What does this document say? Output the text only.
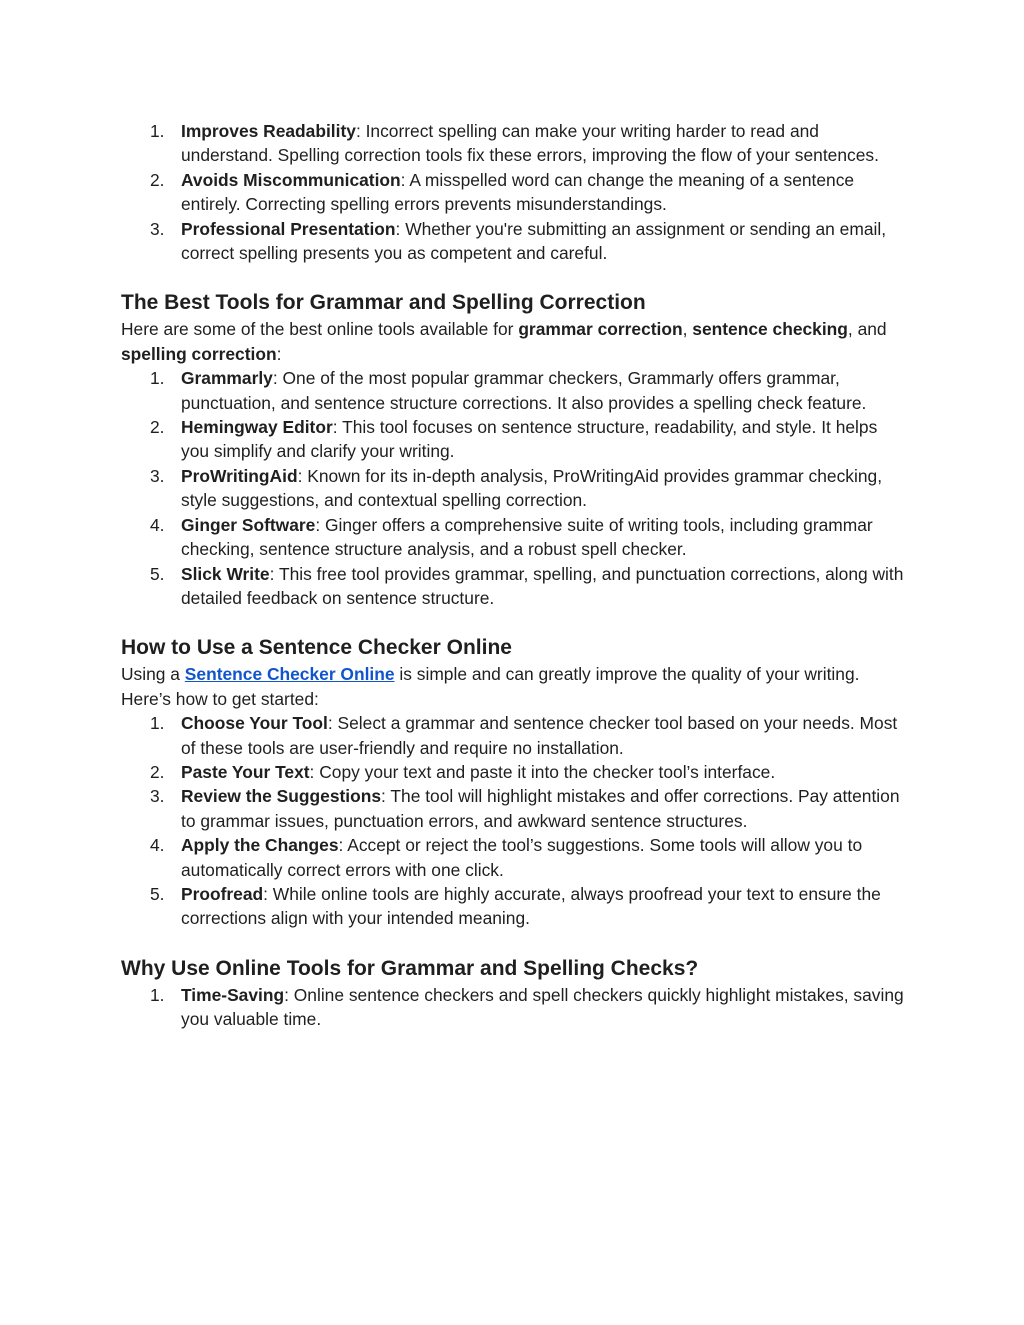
1. Improves Readability: Incorrect spelling can make your writing harder to read and understand. Spelling correction tools fix these errors, improving the flow of your sentences.
2. Avoids Miscommunication: A misspelled word can change the meaning of a sentence entirely. Correcting spelling errors prevents misunderstandings.
3. Professional Presentation: Whether you're submitting an assignment or sending an email, correct spelling presents you as competent and careful.
The Best Tools for Grammar and Spelling Correction

Here are some of the best online tools available for grammar correction, sentence checking, and spelling correction:

1. Grammarly: One of the most popular grammar checkers, Grammarly offers grammar, punctuation, and sentence structure corrections. It also provides a spelling check feature.
2. Hemingway Editor: This tool focuses on sentence structure, readability, and style. It helps you simplify and clarify your writing.
3. ProWritingAid: Known for its in-depth analysis, ProWritingAid provides grammar checking, style suggestions, and contextual spelling correction.
4. Ginger Software: Ginger offers a comprehensive suite of writing tools, including grammar checking, sentence structure analysis, and a robust spell checker.
5. Slick Write: This free tool provides grammar, spelling, and punctuation corrections, along with detailed feedback on sentence structure.
How to Use a Sentence Checker Online

Using a Sentence Checker Online is simple and can greatly improve the quality of your writing. Here’s how to get started:

1. Choose Your Tool: Select a grammar and sentence checker tool based on your needs. Most of these tools are user-friendly and require no installation.
2. Paste Your Text: Copy your text and paste it into the checker tool’s interface.
3. Review the Suggestions: The tool will highlight mistakes and offer corrections. Pay attention to grammar issues, punctuation errors, and awkward sentence structures.
4. Apply the Changes: Accept or reject the tool’s suggestions. Some tools will allow you to automatically correct errors with one click.
5. Proofread: While online tools are highly accurate, always proofread your text to ensure the corrections align with your intended meaning.
Why Use Online Tools for Grammar and Spelling Checks?
1. Time-Saving: Online sentence checkers and spell checkers quickly highlight mistakes, saving you valuable time.
